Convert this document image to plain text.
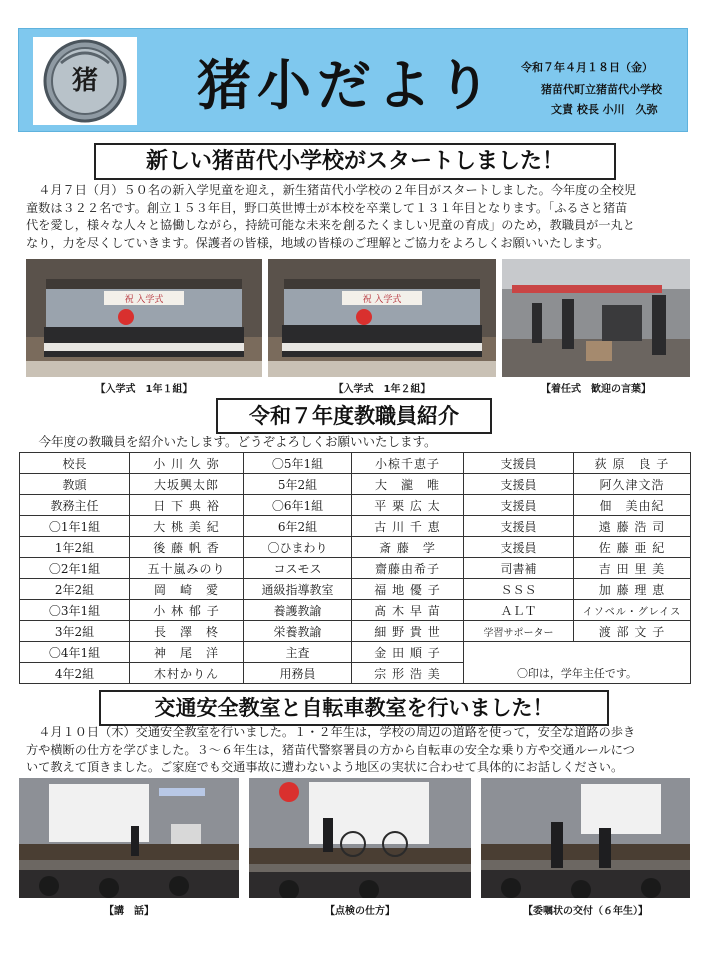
猪 猪小だより 令和７年４月１８日（金）
猪苗代町立猪苗代小学校
文責 校長 小川　久弥
新しい猪苗代小学校がスタートしました！
４月７日（月）５０名の新入学児童を迎え，新生猪苗代小学校の２年目がスタートしました。今年度の全校児
童数は３２２名です。創立１５３年目，野口英世博士が本校を卒業して１３１年目となります。「ふるさと猪苗
代を愛し，様々な人々と協働しながら，持続可能な未来を創るたくましい児童の育成」のため，教職員が一丸と
なり，力を尽くしていきます。保護者の皆様，地域の皆様のご理解とご協力をよろしくお願いいたします。
祝 入学式	祝 入学式
【入学式　1年１組】	【入学式　1年２組】	【着任式　歓迎の言葉】
令和７年度教職員紹介
今年度の教職員を紹介いたします。どうぞよろしくお願いいたします。
校長	小 川 久 弥	〇5年1組	小椋千恵子	支援員	荻 原　良 子
教頭	大坂興太郎	5年2組	大　瀧　唯	支援員	阿久津文浩
教務主任	日 下 典 裕	〇6年1組	平 栗 広 太	支援員	佃　美由紀
〇1年1組	大 桃 美 紀	6年2組	古 川 千 恵	支援員	遠 藤 浩 司
1年2組	後 藤 帆 香	〇ひまわり	斎 藤　学	支援員	佐 藤 亜 紀
〇2年1組	五十嵐みのり	コスモス	齋藤由希子	司書補	吉 田 里 美
2年2組	岡　崎　愛	通級指導教室	福 地 優 子	ＳＳＳ	加 藤 理 恵
〇3年1組	小 林 郁 子	養護教諭	髙 木 早 苗	ＡＬＴ	イソベル・グレイス
3年2組	長　澤　柊	栄養教諭	細 野 貴 世	学習サポーター	渡 部 文 子
〇4年1組	神　尾　洋	主査	金 田 順 子		
4年2組	木村かりん	用務員	宗 形 浩 美	〇印は，学年主任です。	
交通安全教室と自転車教室を行いました！
４月１０日（木）交通安全教室を行いました。１・２年生は，学校の周辺の道路を使って，安全な道路の歩き
方や横断の仕方を学びました。３～６年生は，猪苗代警察署員の方から自転車の安全な乗り方や交通ルールにつ
いて教えて頂きました。ご家庭でも交通事故に遭わないよう地区の実状に合わせて具体的にお話しください。
【講　話】	【点検の仕方】	【委嘱状の交付（６年生）】
